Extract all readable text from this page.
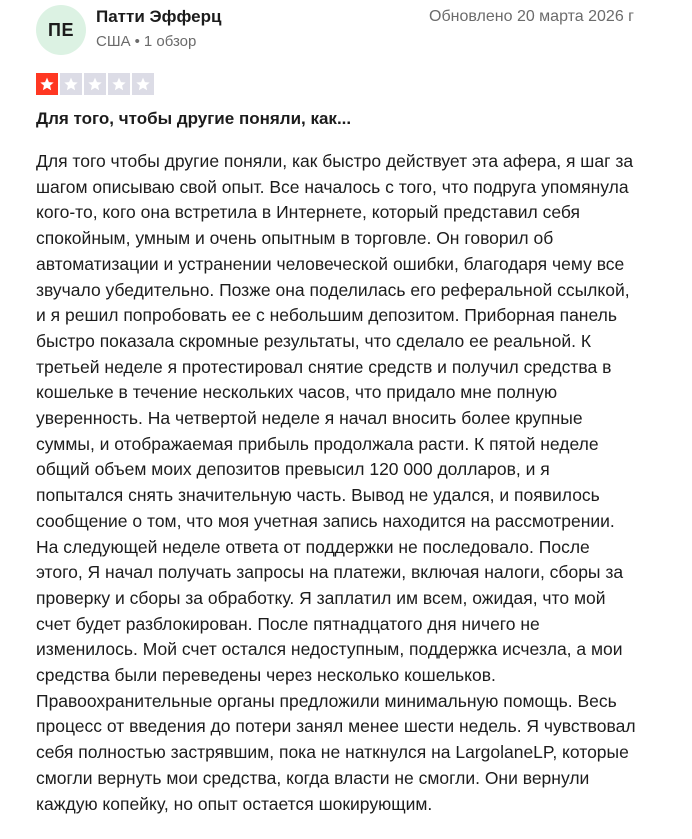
ПЕ
Патти Эфферц
США • 1 обзор
Обновлено 20 марта 2026 г
Для того, чтобы другие поняли, как...

Для того чтобы другие поняли, как быстро действует эта афера, я шаг за шагом описываю свой опыт. Все началось с того, что подруга упомянула кого-то, кого она встретила в Интернете, который представил себя спокойным, умным и очень опытным в торговле. Он говорил об автоматизации и устранении человеческой ошибки, благодаря чему все звучало убедительно. Позже она поделилась его реферальной ссылкой, и я решил попробовать ее с небольшим депозитом. Приборная панель быстро показала скромные результаты, что сделало ее реальной. К третьей неделе я протестировал снятие средств и получил средства в кошельке в течение нескольких часов, что придало мне полную уверенность. На четвертой неделе я начал вносить более крупные суммы, и отображаемая прибыль продолжала расти. К пятой неделе общий объем моих депозитов превысил 120 000 долларов, и я попытался снять значительную часть. Вывод не удался, и появилось сообщение о том, что моя учетная запись находится на рассмотрении. На следующей неделе ответа от поддержки не последовало. После этого, Я начал получать запросы на платежи, включая налоги, сборы за проверку и сборы за обработку. Я заплатил им всем, ожидая, что мой счет будет разблокирован. После пятнадцатого дня ничего не изменилось. Мой счет остался недоступным, поддержка исчезла, а мои средства были переведены через несколько кошельков. Правоохранительные органы предложили минимальную помощь. Весь процесс от введения до потери занял менее шести недель. Я чувствовал себя полностью застрявшим, пока не наткнулся на LargolaneLP, которые смогли вернуть мои средства, когда власти не смогли. Они вернули каждую копейку, но опыт остается шокирующим.
